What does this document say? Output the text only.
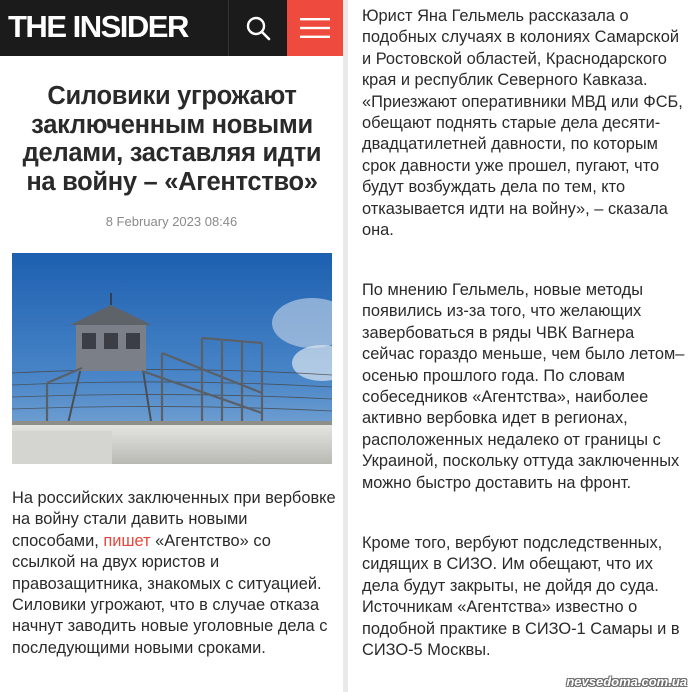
THE INSIDER
Силовики угрожают заключенным новыми делами, заставляя идти на войну – «Агентство»
8 February 2023 08:46

На российских заключенных при вербовке на войну стали давить новыми способами, пишет «Агентство» со ссылкой на двух юристов и правозащитника, знакомых с ситуацией. Силовики угрожают, что в случае отказа начнут заводить новые уголовные дела с последующими новыми сроками.

Юрист Яна Гельмель рассказала о подобных случаях в колониях Самарской и Ростовской областей, Краснодарского края и республик Северного Кавказа. «Приезжают оперативники МВД или ФСБ, обещают поднять старые дела десяти-двадцатилетней давности, по которым срок давности уже прошел, пугают, что будут возбуждать дела по тем, кто отказывается идти на войну», – сказала она.

По мнению Гельмель, новые методы появились из-за того, что желающих завербоваться в ряды ЧВК Вагнера сейчас гораздо меньше, чем было летом–осенью прошлого года. По словам собеседников «Агентства», наиболее активно вербовка идет в регионах, расположенных недалеко от границы с Украиной, поскольку оттуда заключенных можно быстро доставить на фронт.

Кроме того, вербуют подследственных, сидящих в СИЗО. Им обещают, что их дела будут закрыты, не дойдя до суда. Источникам «Агентства» известно о подобной практике в СИЗО-1 Самары и в СИЗО-5 Москвы.

nevsedoma.com.ua
